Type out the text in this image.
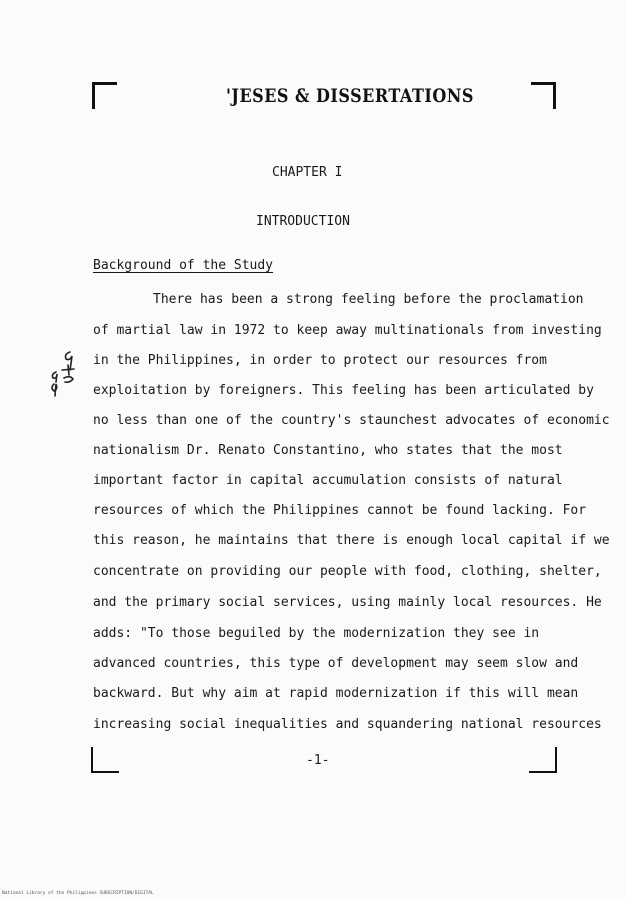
'JESES & DISSERTATIONS
CHAPTER I
INTRODUCTION
Background of the Study
There has been a strong feeling before the proclamation
of martial law in 1972 to keep away multinationals from investing
in the Philippines, in order to protect our resources from
exploitation by foreigners. This feeling has been articulated by
no less than one of the country's staunchest advocates of economic
nationalism Dr. Renato Constantino, who states that the most
important factor in capital accumulation consists of natural
resources of which the Philippines cannot be found lacking. For
this reason, he maintains that there is enough local capital if we
concentrate on providing our people with food, clothing, shelter,
and the primary social services, using mainly local resources. He
adds: "To those beguiled by the modernization they see in
advanced countries, this type of development may seem slow and
backward. But why aim at rapid modernization if this will mean
increasing social inequalities and squandering national resources
-1-
National Library of the Philippines SUBSCRIPTION/DIGITAL
